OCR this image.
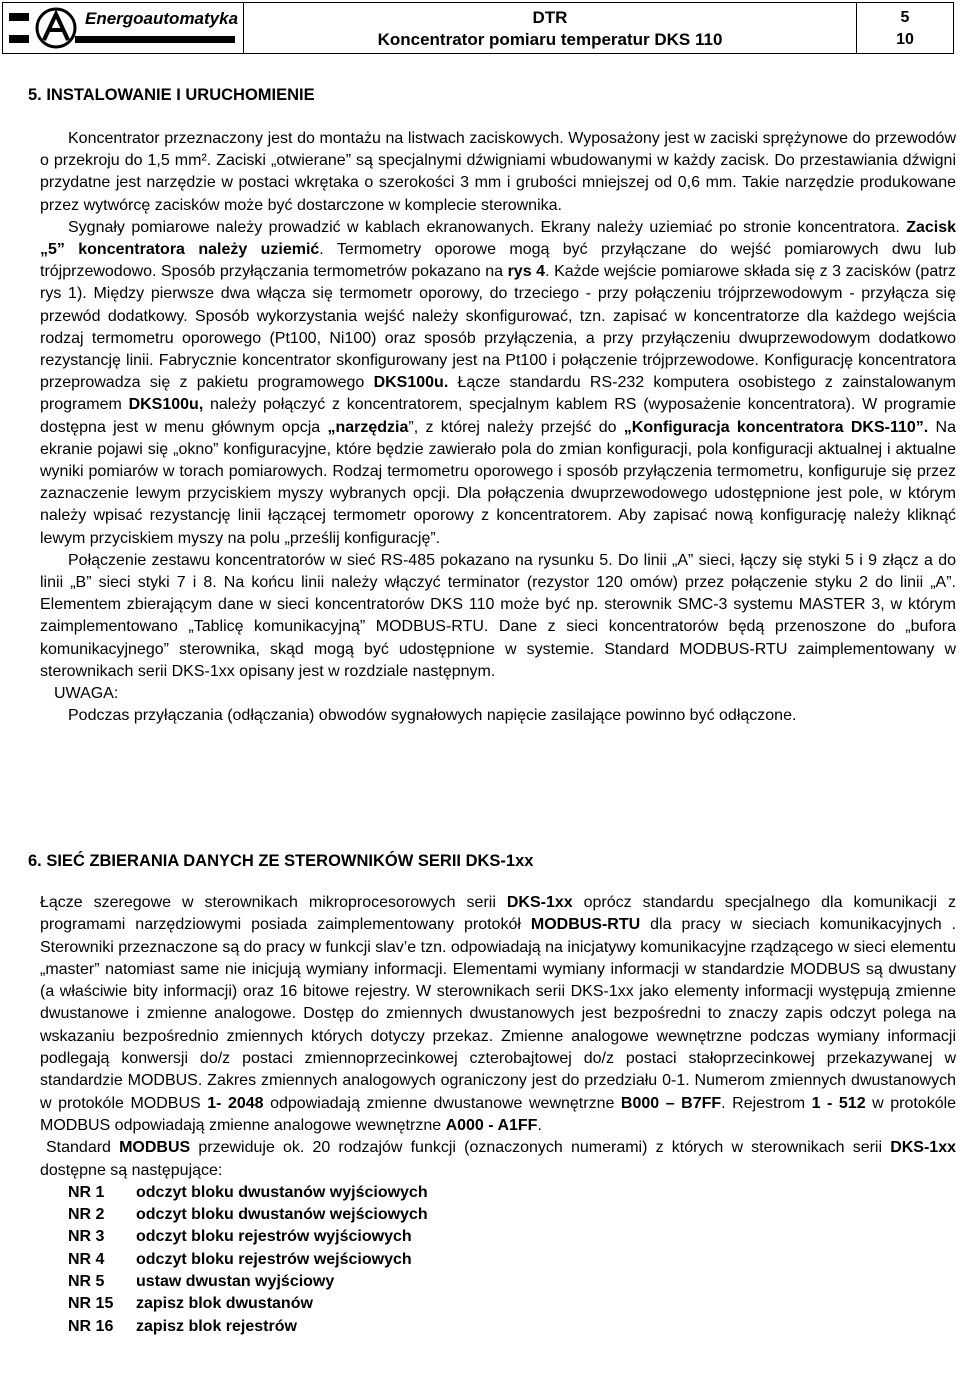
Energoautomatyka	DTR
Koncentrator pomiaru temperatur DKS 110
5
10
5. INSTALOWANIE I URUCHOMIENIE

Koncentrator przeznaczony jest do montażu na listwach zaciskowych. Wyposażony jest w zaciski sprężynowe do przewodów o przekroju do 1,5 mm². Zaciski „otwierane” są specjalnymi dźwigniami wbudowanymi w każdy zacisk. Do przestawiania dźwigni przydatne jest narzędzie w postaci wkrętaka o szerokości 3 mm i grubości mniejszej od 0,6 mm. Takie narzędzie produkowane przez wytwórcę zacisków może być dostarczone w komplecie sterownika.

Sygnały pomiarowe należy prowadzić w kablach ekranowanych. Ekrany należy uziemiać po stronie koncentratora. Zacisk „5” koncentratora należy uziemić. Termometry oporowe mogą być przyłączane do wejść pomiarowych dwu lub trójprzewodowo. Sposób przyłączania termometrów pokazano na rys 4. Każde wejście pomiarowe składa się z 3 zacisków (patrz rys 1). Między pierwsze dwa włącza się termometr oporowy, do trzeciego - przy połączeniu trójprzewodowym - przyłącza się przewód dodatkowy. Sposób wykorzystania wejść należy skonfigurować, tzn. zapisać w koncentratorze dla każdego wejścia rodzaj termometru oporowego (Pt100, Ni100) oraz sposób przyłączenia, a przy przyłączeniu dwuprzewodowym dodatkowo rezystancję linii. Fabrycznie koncentrator skonfigurowany jest na Pt100 i połączenie trójprzewodowe. Konfigurację koncentratora przeprowadza się z pakietu programowego DKS100u. Łącze standardu RS-232 komputera osobistego z zainstalowanym programem DKS100u, należy połączyć z koncentratorem, specjalnym kablem RS (wyposażenie koncentratora). W programie dostępna jest w menu głównym opcja „narzędzia”, z której należy przejść do „Konfiguracja koncentratora DKS-110”. Na ekranie pojawi się „okno” konfiguracyjne, które będzie zawierało pola do zmian konfiguracji, pola konfiguracji aktualnej i aktualne wyniki pomiarów w torach pomiarowych. Rodzaj termometru oporowego i sposób przyłączenia termometru, konfiguruje się przez zaznaczenie lewym przyciskiem myszy wybranych opcji. Dla połączenia dwuprzewodowego udostępnione jest pole, w którym należy wpisać rezystancję linii łączącej termometr oporowy z koncentratorem. Aby zapisać nową konfigurację należy kliknąć lewym przyciskiem myszy na polu „prześlij konfigurację”.

Połączenie zestawu koncentratorów w sieć RS-485 pokazano na rysunku 5. Do linii „A” sieci, łączy się styki 5 i 9 złącz a do linii „B” sieci styki 7 i 8. Na końcu linii należy włączyć terminator (rezystor 120 omów) przez połączenie styku 2 do linii „A”. Elementem zbierającym dane w sieci koncentratorów DKS 110 może być np. sterownik SMC-3 systemu MASTER 3, w którym zaimplementowano „Tablicę komunikacyjną” MODBUS-RTU. Dane z sieci koncentratorów będą przenoszone do „bufora komunikacyjnego” sterownika, skąd mogą być udostępnione w systemie. Standard MODBUS-RTU zaimplementowany w sterownikach serii DKS-1xx opisany jest w rozdziale następnym.

UWAGA:
Podczas przyłączania (odłączania) obwodów sygnałowych napięcie zasilające powinno być odłączone.
6. SIEĆ ZBIERANIA DANYCH ZE STEROWNIKÓW SERII DKS-1xx

Łącze szeregowe w sterownikach mikroprocesorowych serii DKS-1xx oprócz standardu specjalnego dla komunikacji z programami narzędziowymi posiada zaimplementowany protokół MODBUS-RTU dla pracy w sieciach komunikacyjnych . Sterowniki przeznaczone są do pracy w funkcji slav’e tzn. odpowiadają na inicjatywy komunikacyjne rządzącego w sieci elementu „master” natomiast same nie inicjują wymiany informacji. Elementami wymiany informacji w standardzie MODBUS są dwustany (a właściwie bity informacji) oraz 16 bitowe rejestry. W sterownikach serii DKS-1xx jako elementy informacji występują zmienne dwustanowe i zmienne analogowe. Dostęp do zmiennych dwustanowych jest bezpośredni to znaczy zapis odczyt polega na wskazaniu bezpośrednio zmiennych których dotyczy przekaz. Zmienne analogowe wewnętrzne podczas wymiany informacji podlegają konwersji do/z postaci zmiennoprzecinkowej czterobajtowej do/z postaci stałoprzecinkowej przekazywanej w standardzie MODBUS. Zakres zmiennych analogowych ograniczony jest do przedziału 0-1. Numerom zmiennych dwustanowych w protokóle MODBUS 1- 2048 odpowiadają zmienne dwustanowe wewnętrzne B000 – B7FF. Rejestrom 1 - 512 w protokóle MODBUS odpowiadają zmienne analogowe wewnętrzne A000 - A1FF.

Standard MODBUS przewiduje ok. 20 rodzajów funkcji (oznaczonych numerami) z których w sterownikach serii DKS-1xx dostępne są następujące:

NR 1	odczyt bloku dwustanów wyjściowych
NR 2	odczyt bloku dwustanów wejściowych
NR 3	odczyt bloku rejestrów wyjściowych
NR 4	odczyt bloku rejestrów wejściowych
NR 5	ustaw dwustan wyjściowy
NR 15	zapisz blok dwustanów
NR 16	zapisz blok rejestrów
